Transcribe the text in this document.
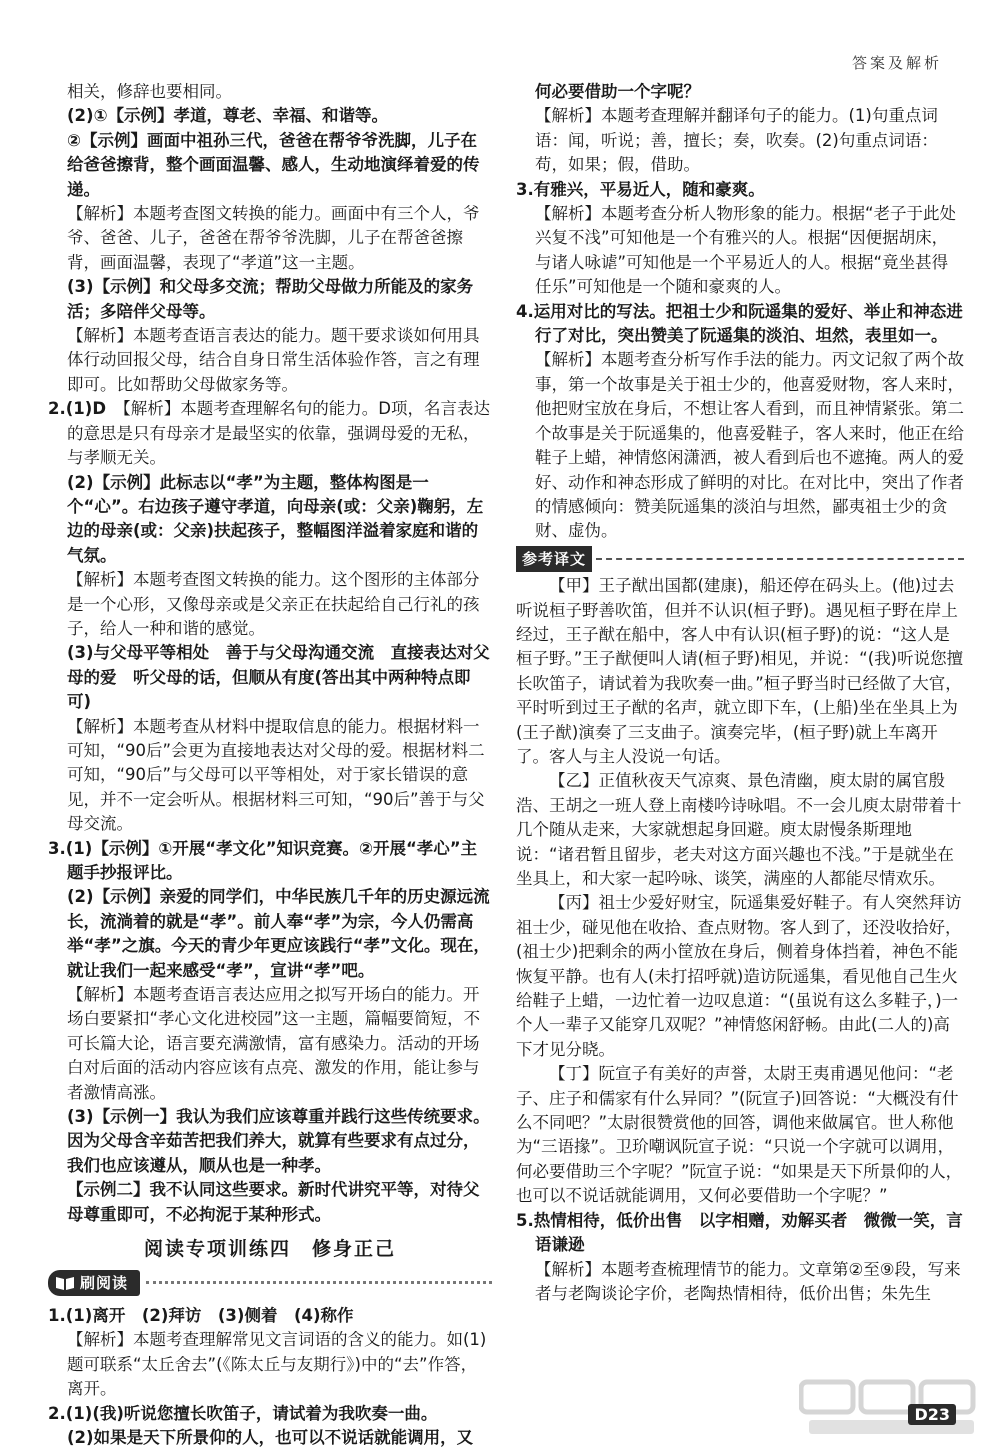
答案及解析

相关，修辞也要相同。

(2)①【示例】孝道，尊老、幸福、和谐等。

②【示例】画面中祖孙三代，爸爸在帮爷爷洗脚，儿子在给爸爸擦背，整个画面温馨、感人，生动地演绎着爱的传递。

【解析】本题考查图文转换的能力。画面中有三个人，爷爷、爸爸、儿子，爸爸在帮爷爷洗脚，儿子在帮爸爸擦背，画面温馨，表现了“孝道”这一主题。

(3)【示例】和父母多交流；帮助父母做力所能及的家务活；多陪伴父母等。

【解析】本题考查语言表达的能力。题干要求谈如何用具体行动回报父母，结合自身日常生活体验作答，言之有理即可。比如帮助父母做家务等。

2.(1)D　 【解析】本题考查理解名句的能力。D项，名言表达的意思是只有母亲才是最坚实的依靠，强调母爱的无私，与孝顺无关。

(2)【示例】此标志以“孝”为主题，整体构图是一个“心”。右边孩子遵守孝道，向母亲(或：父亲)鞠躬，左边的母亲(或：父亲)扶起孩子，整幅图洋溢着家庭和谐的气氛。

【解析】本题考查图文转换的能力。这个图形的主体部分是一个心形，又像母亲或是父亲正在扶起给自己行礼的孩子，给人一种和谐的感觉。

(3)与父母平等相处　善于与父母沟通交流　直接表达对父母的爱　听父母的话，但顺从有度(答出其中两种特点即可)

【解析】本题考查从材料中提取信息的能力。根据材料一可知，“90后”会更为直接地表达对父母的爱。根据材料二可知，“90后”与父母可以平等相处，对于家长错误的意见，并不一定会听从。根据材料三可知，“90后”善于与父母交流。

3.(1)【示例】①开展“孝文化”知识竞赛。②开展“孝心”主题手抄报评比。

(2)【示例】亲爱的同学们，中华民族几千年的历史源远流长，流淌着的就是“孝”。前人奉“孝”为宗，今人仍需高举“孝”之旗。今天的青少年更应该践行“孝”文化。现在，就让我们一起来感受“孝”，宣讲“孝”吧。

【解析】本题考查语言表达应用之拟写开场白的能力。开场白要紧扣“孝心文化进校园”这一主题，篇幅要简短，不可长篇大论，语言要充满激情，富有感染力。活动的开场白对后面的活动内容应该有点亮、激发的作用，能让参与者激情高涨。

(3)【示例一】我认为我们应该尊重并践行这些传统要求。因为父母含辛茹苦把我们养大，就算有些要求有点过分，我们也应该遵从，顺从也是一种孝。

【示例二】我不认同这些要求。新时代讲究平等，对待父母尊重即可，不必拘泥于某种形式。

阅读专项训练四　修身正己

刷阅读

1.(1)离开　(2)拜访　(3)侧着　(4)称作

【解析】本题考查理解常见文言词语的含义的能力。如(1)题可联系“太丘舍去”(《陈太丘与友期行》)中的“去”作答，离开。

2.(1)(我)听说您擅长吹笛子，请试着为我吹奏一曲。

(2)如果是天下所景仰的人，也可以不说话就能调用，又

何必要借助一个字呢？

【解析】本题考查理解并翻译句子的能力。(1)句重点词语：闻，听说；善，擅长；奏，吹奏。(2)句重点词语：苟，如果；假，借助。

3.有雅兴，平易近人，随和豪爽。

【解析】本题考查分析人物形象的能力。根据“老子于此处兴复不浅”可知他是一个有雅兴的人。根据“因便据胡床，与诸人咏谑”可知他是一个平易近人的人。根据“竟坐甚得任乐”可知他是一个随和豪爽的人。

4.运用对比的写法。把祖士少和阮遥集的爱好、举止和神态进行了对比，突出赞美了阮遥集的淡泊、坦然，表里如一。

【解析】本题考查分析写作手法的能力。丙文记叙了两个故事，第一个故事是关于祖士少的，他喜爱财物，客人来时，他把财宝放在身后，不想让客人看到，而且神情紧张。第二个故事是关于阮遥集的，他喜爱鞋子，客人来时，他正在给鞋子上蜡，神情悠闲潇洒，被人看到后也不遮掩。两人的爱好、动作和神态形成了鲜明的对比。在对比中，突出了作者的情感倾向：赞美阮遥集的淡泊与坦然，鄙夷祖士少的贪财、虚伪。

参考译文

【甲】王子猷出国都(建康)，船还停在码头上。(他)过去听说桓子野善吹笛，但并不认识(桓子野)。遇见桓子野在岸上经过，王子猷在船中，客人中有认识(桓子野)的说：“这人是桓子野。”王子猷便叫人请(桓子野)相见，并说：“(我)听说您擅长吹笛子，请试着为我吹奏一曲。”桓子野当时已经做了大官，平时听到过王子猷的名声，就立即下车，(上船)坐在坐具上为(王子猷)演奏了三支曲子。演奏完毕，(桓子野)就上车离开了。客人与主人没说一句话。

【乙】正值秋夜天气凉爽、景色清幽，庾太尉的属官殷浩、王胡之一班人登上南楼吟诗咏唱。不一会儿庾太尉带着十几个随从走来，大家就想起身回避。庾太尉慢条斯理地说：“诸君暂且留步，老夫对这方面兴趣也不浅。”于是就坐在坐具上，和大家一起吟咏、谈笑，满座的人都能尽情欢乐。

【丙】祖士少爱好财宝，阮遥集爱好鞋子。有人突然拜访祖士少，碰见他在收拾、查点财物。客人到了，还没收拾好，(祖士少)把剩余的两小筐放在身后，侧着身体挡着，神色不能恢复平静。也有人(未打招呼就)造访阮遥集，看见他自己生火给鞋子上蜡，一边忙着一边叹息道：“(虽说有这么多鞋子，)一个人一辈子又能穿几双呢？”神情悠闲舒畅。由此(二人的)高下才见分晓。

【丁】阮宣子有美好的声誉，太尉王夷甫遇见他问：“老子、庄子和儒家有什么异同？”(阮宣子)回答说：“大概没有什么不同吧？”太尉很赞赏他的回答，调他来做属官。世人称他为“三语掾”。卫玠嘲讽阮宣子说：“只说一个字就可以调用，何必要借助三个字呢？”阮宣子说：“如果是天下所景仰的人，也可以不说话就能调用，又何必要借助一个字呢？”

5.热情相待，低价出售　以字相赠，劝解买者　微微一笑，言语谦逊

【解析】本题考查梳理情节的能力。文章第②至⑨段，写来者与老陶谈论字价，老陶热情相待，低价出售；朱先生

D23
